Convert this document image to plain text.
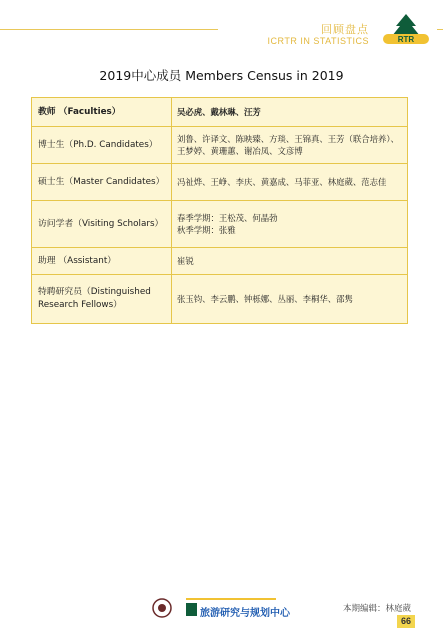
回顾盘点
ICRTR IN STATISTICS	RTR
2019中心成员 Members Census in 2019
教师 （Faculties）	吴必虎、戴林琳、汪芳
博士生（Ph.D. Candidates）	刘鲁、许译文、陈映臻、方琰、王锦真、王芳（联合培养）、王梦婷、黄珊蕙、谢冶凤、文彦博
硕士生（Master Candidates）	冯祉烨、王峥、李庆、黄嘉成、马菲亚、林庭葳、范志佳
访问学者（Visiting Scholars）	春季学期：王松茂、何晶勃
秋季学期：张雅
助理 （Assistant）	崔锐
特聘研究员（Distinguished Research Fellows）	张玉钧、李云鹏、钟栎娜、丛丽、李桐华、邵隽
旅游研究与规划中心	本期编辑：林庭葳
66
